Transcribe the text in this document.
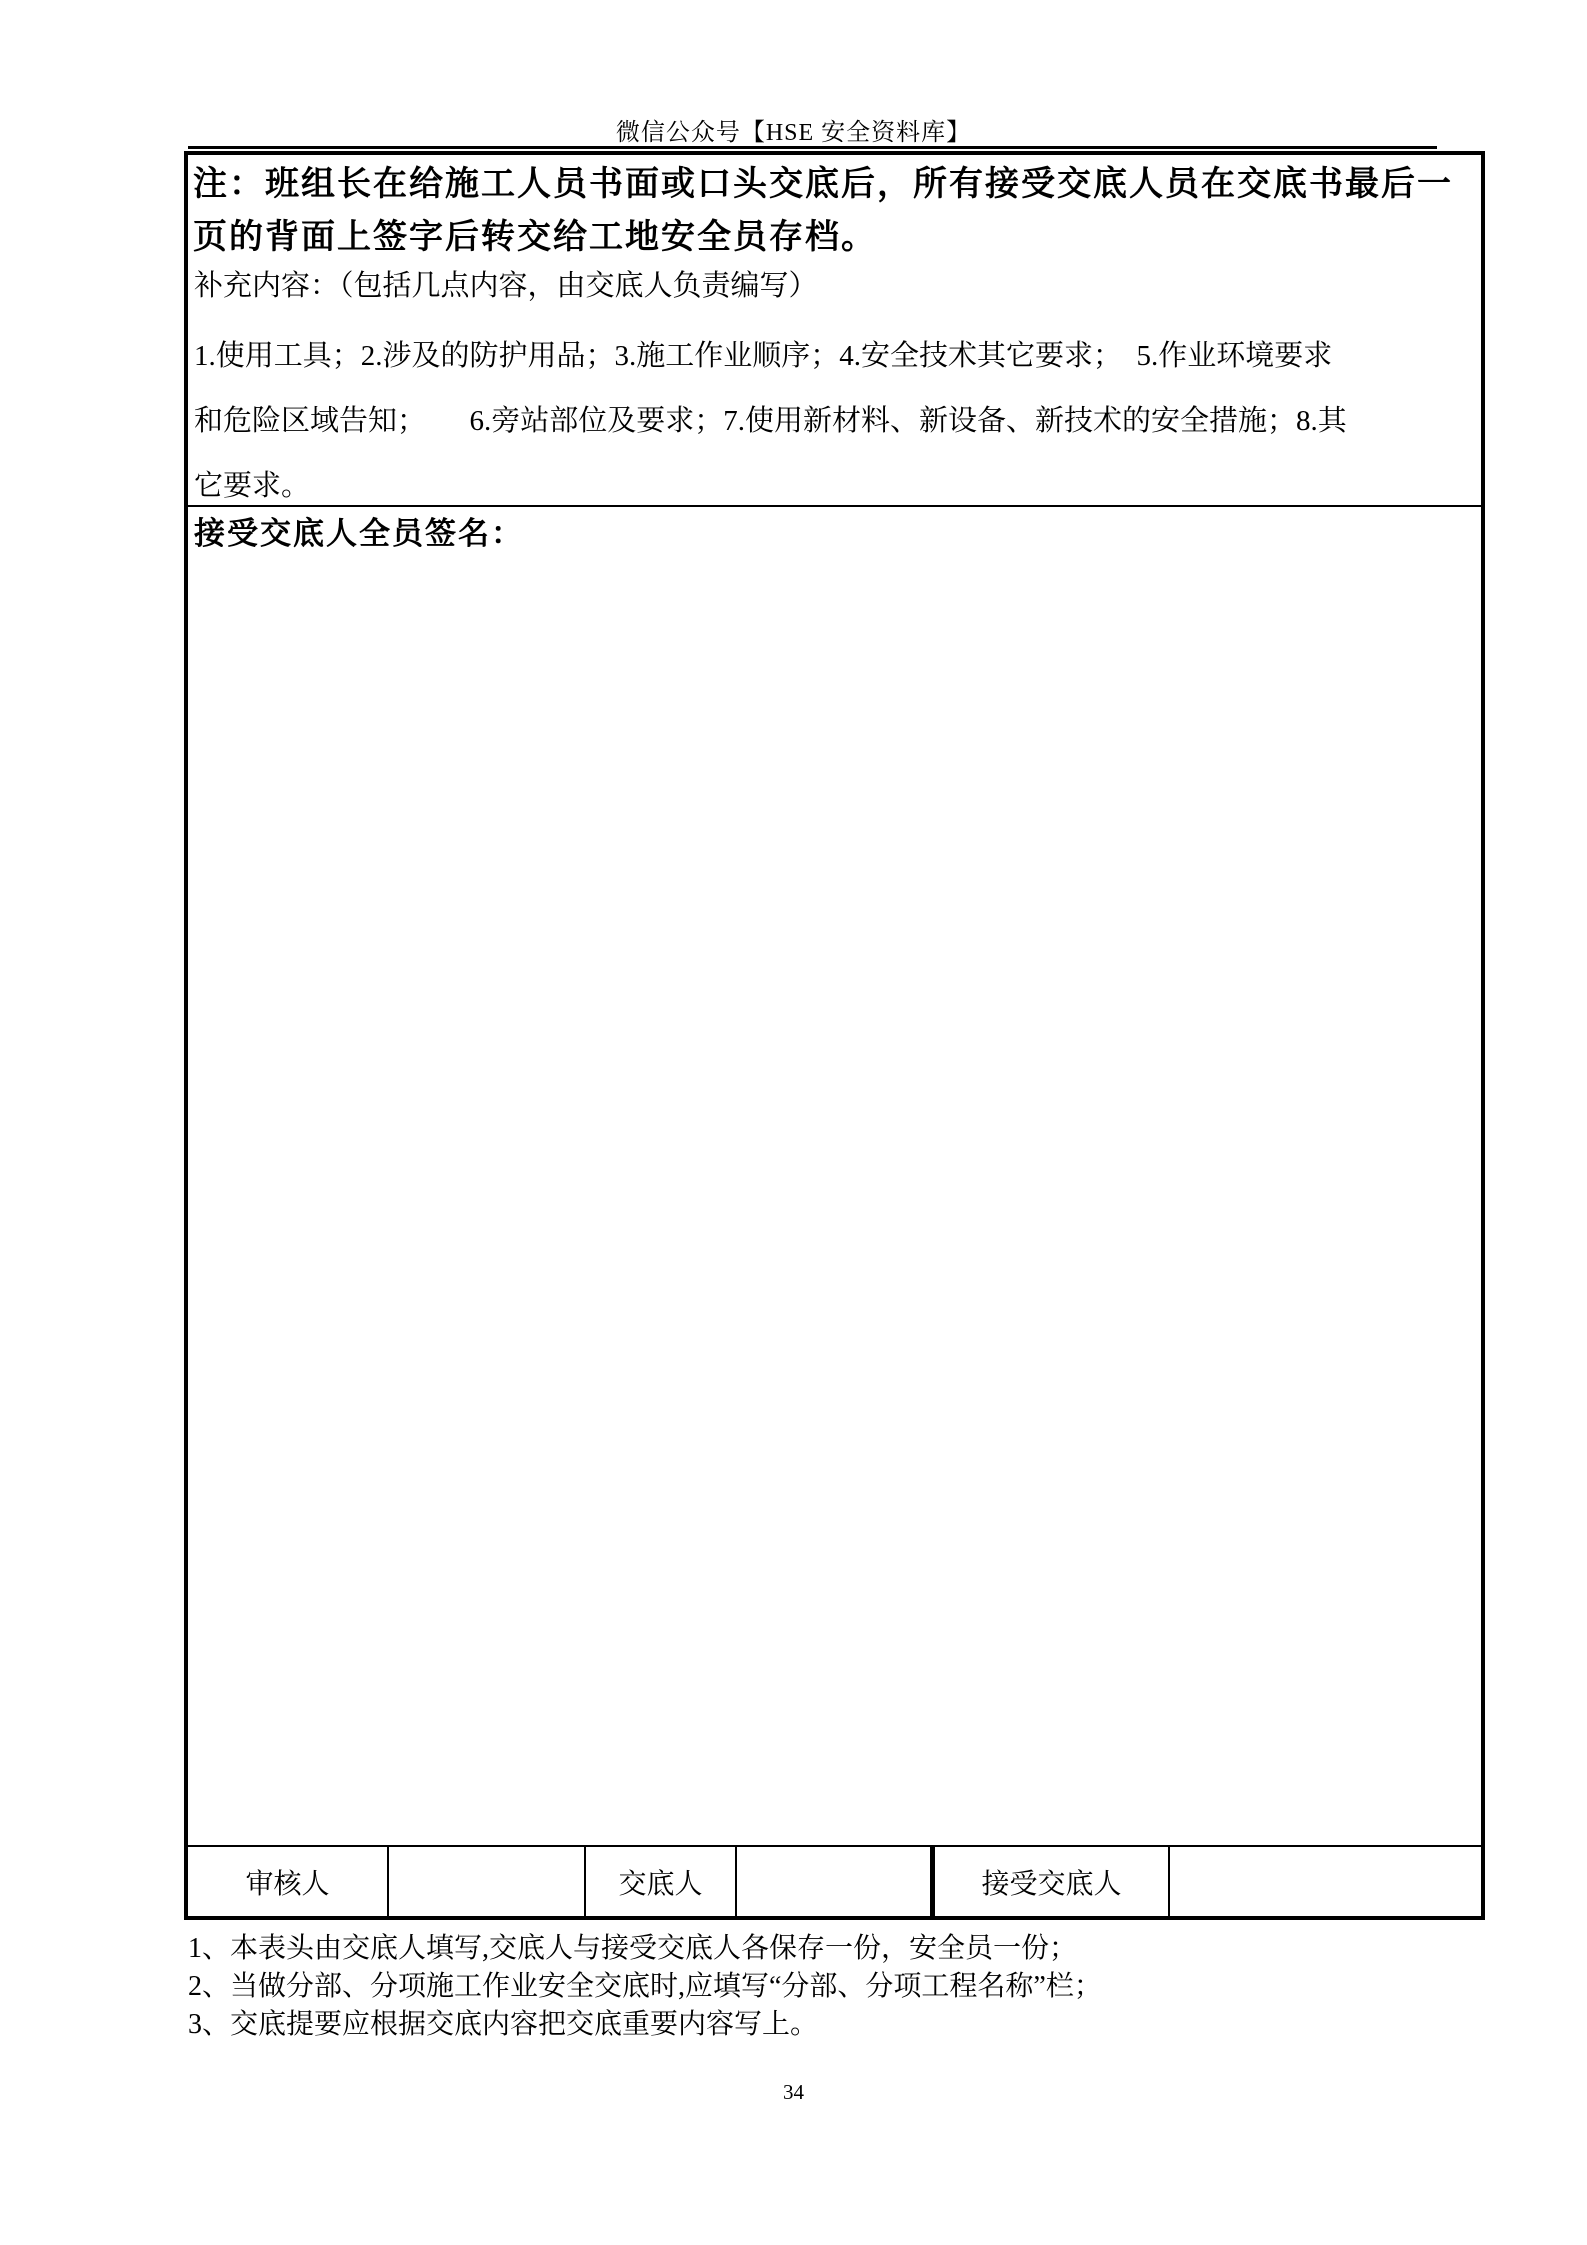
微信公众号【HSE 安全资料库】
注：班组长在给施工人员书面或口头交底后，所有接受交底人员在交底书最后一
页的背面上签字后转交给工地安全员存档。
补充内容：（包括几点内容，由交底人负责编写）
1.使用工具；2.涉及的防护用品；3.施工作业顺序；4.安全技术其它要求；　5.作业环境要求
和危险区域告知；　　6.旁站部位及要求；7.使用新材料、新设备、新技术的安全措施；8.其
它要求。
接受交底人全员签名：
审核人	交底人	接受交底人
1、本表头由交底人填写,交底人与接受交底人各保存一份，安全员一份；
2、当做分部、分项施工作业安全交底时,应填写“分部、分项工程名称”栏；
3、交底提要应根据交底内容把交底重要内容写上。
34
